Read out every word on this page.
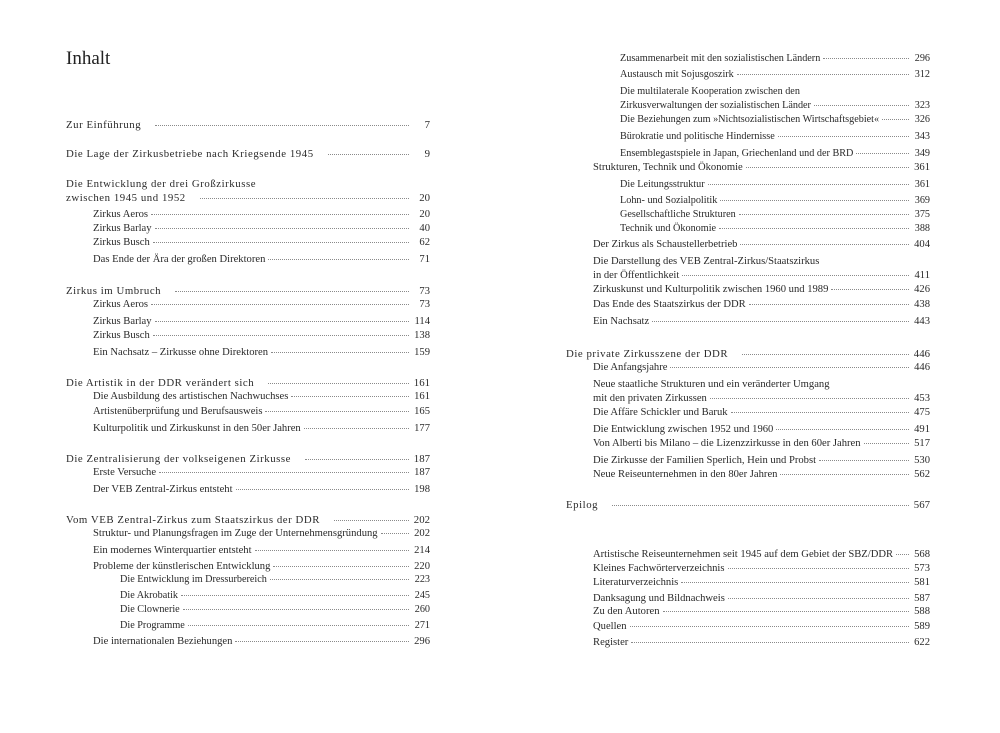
Inhalt
Zur Einführung	7
Die Lage der Zirkusbetriebe nach Kriegsende 1945	9
Die Entwicklung der drei Großzirkusse
zwischen 1945 und 1952	20
Zirkus Aeros	20
Zirkus Barlay	40
Zirkus Busch	62
Das Ende der Ära der großen Direktoren	71
Zirkus im Umbruch	73
Zirkus Aeros	73
Zirkus Barlay	114
Zirkus Busch	138
Ein Nachsatz – Zirkusse ohne Direktoren	159
Die Artistik in der DDR verändert sich	161
Die Ausbildung des artistischen Nachwuchses	161
Artistenüberprüfung und Berufsausweis	165
Kulturpolitik und Zirkuskunst in den 50er Jahren	177
Die Zentralisierung der volkseigenen Zirkusse	187
Erste Versuche	187
Der VEB Zentral-Zirkus entsteht	198
Vom VEB Zentral-Zirkus zum Staatszirkus der DDR	202
Struktur- und Planungsfragen im Zuge der Unternehmensgründung	202
Ein modernes Winterquartier entsteht	214
Probleme der künstlerischen Entwicklung	220
Die Entwicklung im Dressurbereich	223
Die Akrobatik	245
Die Clownerie	260
Die Programme	271
Die internationalen Beziehungen	296
Zusammenarbeit mit den sozialistischen Ländern	296
Austausch mit Sojusgoszirk	312
Die multilaterale Kooperation zwischen den
Zirkusverwaltungen der sozialistischen Länder	323
Die Beziehungen zum »Nichtsozialistischen Wirtschaftsgebiet«	326
Bürokratie und politische Hindernisse	343
Ensemblegastspiele in Japan, Griechenland und der BRD	349
Strukturen, Technik und Ökonomie	361
Die Leitungsstruktur	361
Lohn- und Sozialpolitik	369
Gesellschaftliche Strukturen	375
Technik und Ökonomie	388
Der Zirkus als Schaustellerbetrieb	404
Die Darstellung des VEB Zentral-Zirkus/Staatszirkus
in der Öffentlichkeit	411
Zirkuskunst und Kulturpolitik zwischen 1960 und 1989	426
Das Ende des Staatszirkus der DDR	438
Ein Nachsatz	443
Die private Zirkusszene der DDR	446
Die Anfangsjahre	446
Neue staatliche Strukturen und ein veränderter Umgang
mit den privaten Zirkussen	453
Die Affäre Schickler und Baruk	475
Die Entwicklung zwischen 1952 und 1960	491
Von Alberti bis Milano – die Lizenzzirkusse in den 60er Jahren	517
Die Zirkusse der Familien Sperlich, Hein und Probst	530
Neue Reiseunternehmen in den 80er Jahren	562
Epilog	567
Artistische Reiseunternehmen seit 1945 auf dem Gebiet der SBZ/DDR 568
Kleines Fachwörterverzeichnis	573
Literaturverzeichnis	581
Danksagung und Bildnachweis	587
Zu den Autoren	588
Quellen	589
Register	622
